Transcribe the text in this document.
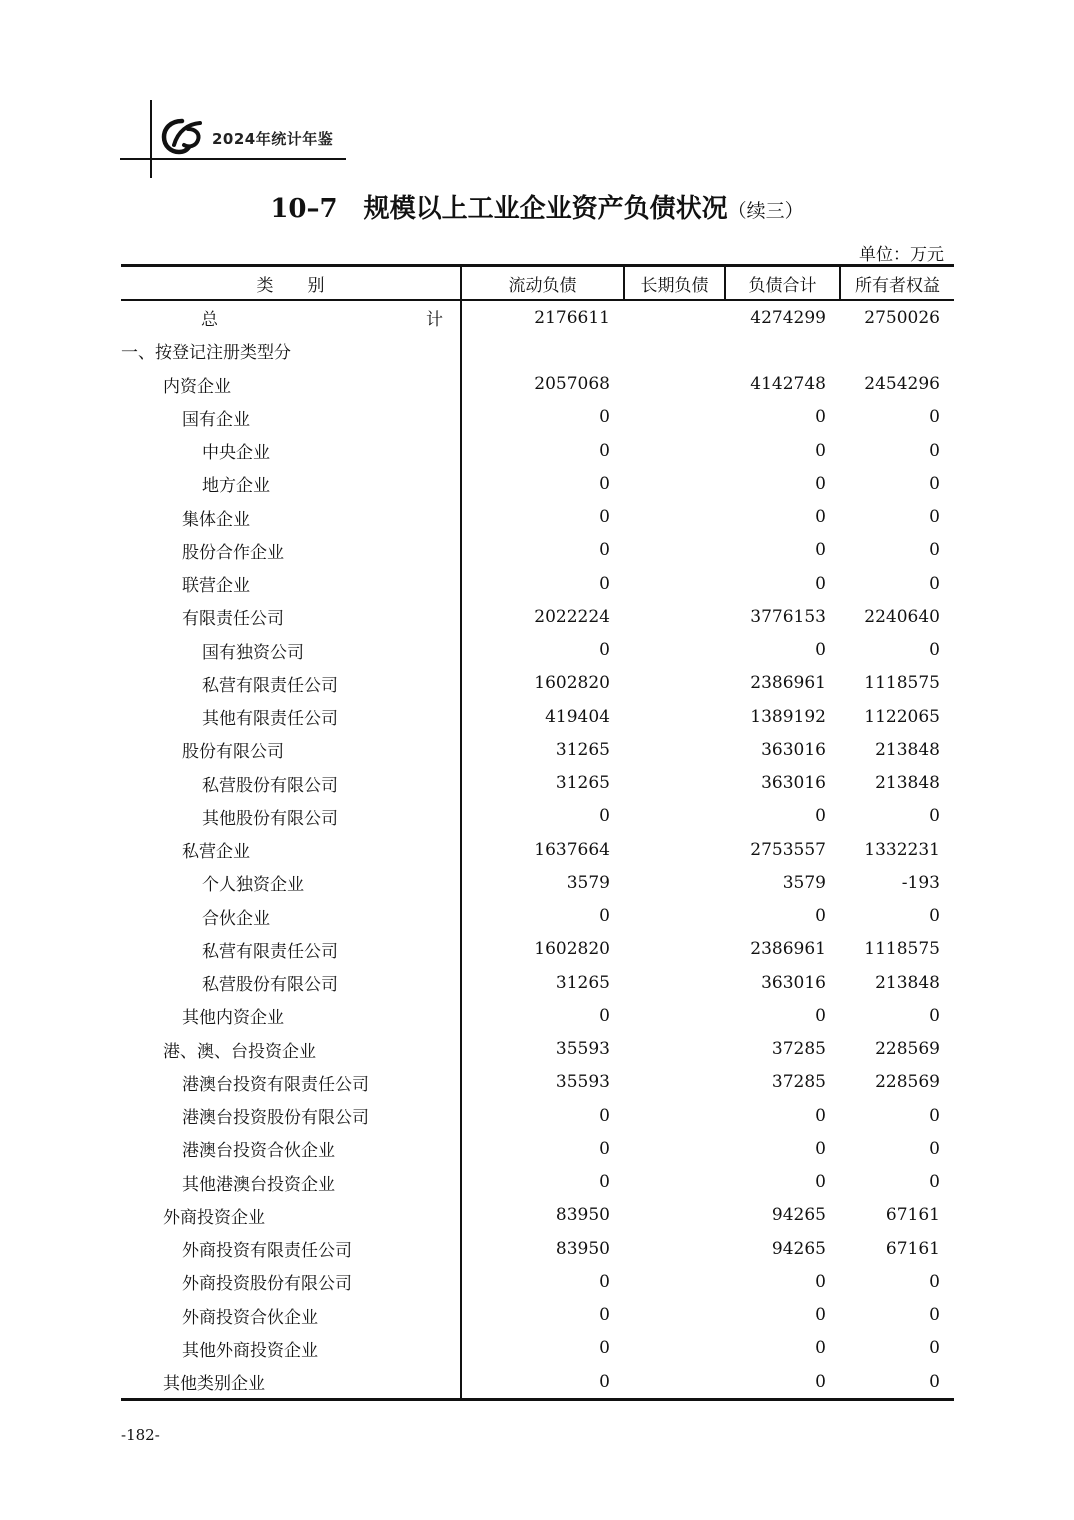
2024年统计年鉴
10–7 规模以上工业企业资产负债状况（续三）
单位：万元
类　　别	流动负债	长期负债	负债合计	所有者权益
总　　计	2176611		4274299	2750026
一、按登记注册类型分				
内资企业	2057068		4142748	2454296
国有企业	0		0	0
中央企业	0		0	0
地方企业	0		0	0
集体企业	0		0	0
股份合作企业	0		0	0
联营企业	0		0	0
有限责任公司	2022224		3776153	2240640
国有独资公司	0		0	0
私营有限责任公司	1602820		2386961	1118575
其他有限责任公司	419404		1389192	1122065
股份有限公司	31265		363016	213848
私营股份有限公司	31265		363016	213848
其他股份有限公司	0		0	0
私营企业	1637664		2753557	1332231
个人独资企业	3579		3579	-193
合伙企业	0		0	0
私营有限责任公司	1602820		2386961	1118575
私营股份有限公司	31265		363016	213848
其他内资企业	0		0	0
港、澳、台投资企业	35593		37285	228569
港澳台投资有限责任公司	35593		37285	228569
港澳台投资股份有限公司	0		0	0
港澳台投资合伙企业	0		0	0
其他港澳台投资企业	0		0	0
外商投资企业	83950		94265	67161
外商投资有限责任公司	83950		94265	67161
外商投资股份有限公司	0		0	0
外商投资合伙企业	0		0	0
其他外商投资企业	0		0	0
其他类别企业	0		0	0
-182-
